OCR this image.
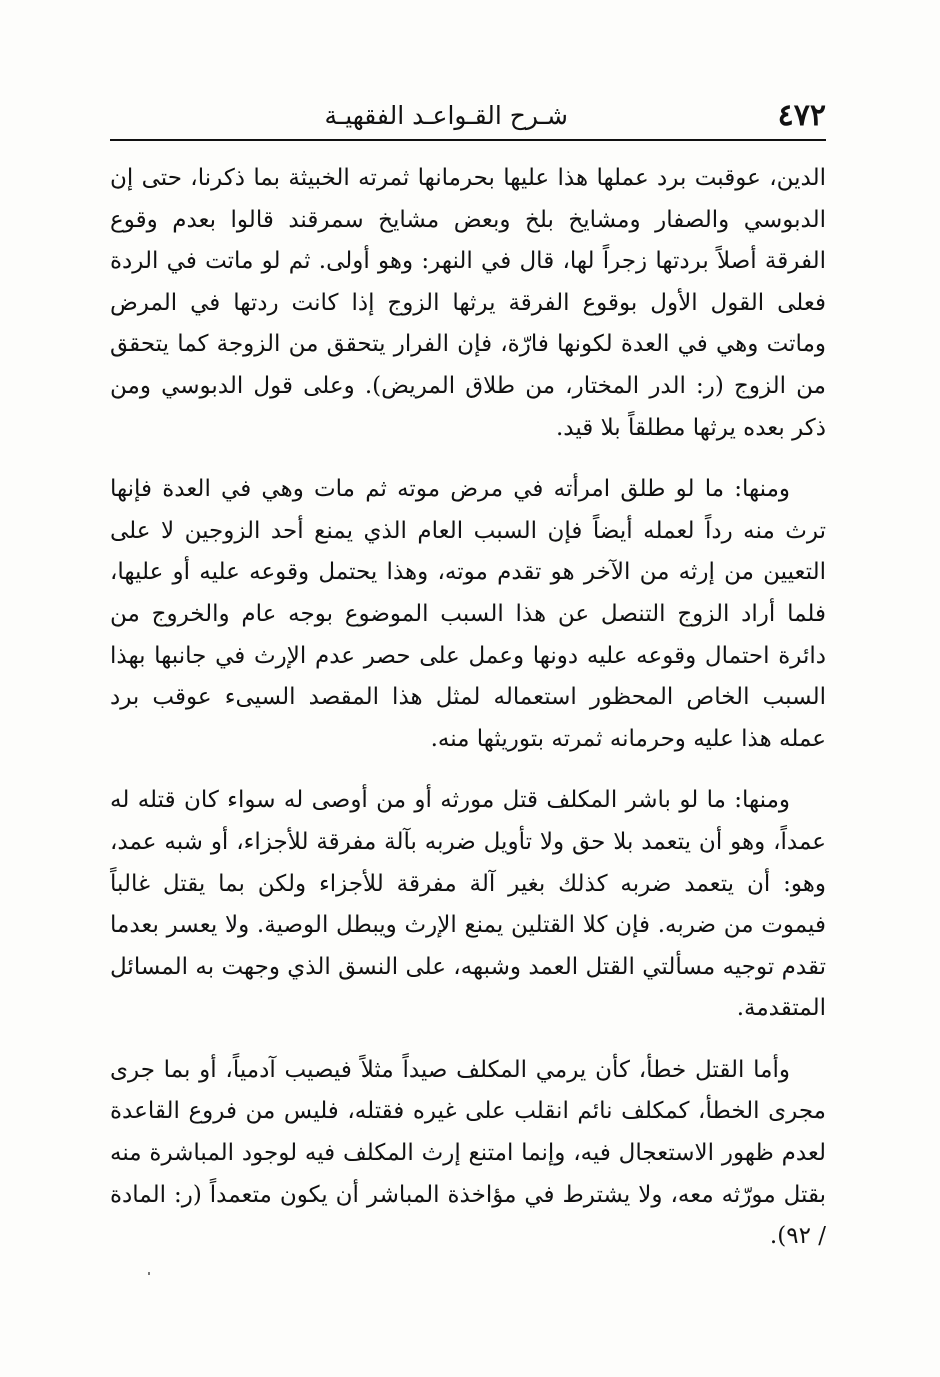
٤٧٢
شـرح القـواعـد الفقهيـة

الدين، عوقبت برد عملها هذا عليها بحرمانها ثمرته الخبيثة بما ذكرنا، حتى إن الدبوسي والصفار ومشايخ بلخ وبعض مشايخ سمرقند قالوا بعدم وقوع الفرقة أصلاً بردتها زجراً لها، قال في النهر: وهو أولى. ثم لو ماتت في الردة فعلى القول الأول بوقوع الفرقة يرثها الزوج إذا كانت ردتها في المرض وماتت وهي في العدة لكونها فارّة، فإن الفرار يتحقق من الزوجة كما يتحقق من الزوج (ر: الدر المختار، من طلاق المريض). وعلى قول الدبوسي ومن ذكر بعده يرثها مطلقاً بلا قيد.

ومنها: ما لو طلق امرأته في مرض موته ثم مات وهي في العدة فإنها ترث منه رداً لعمله أيضاً فإن السبب العام الذي يمنع أحد الزوجين لا على التعيين من إرثه من الآخر هو تقدم موته، وهذا يحتمل وقوعه عليه أو عليها، فلما أراد الزوج التنصل عن هذا السبب الموضوع بوجه عام والخروج من دائرة احتمال وقوعه عليه دونها وعمل على حصر عدم الإرث في جانبها بهذا السبب الخاص المحظور استعماله لمثل هذا المقصد السيىء عوقب برد عمله هذا عليه وحرمانه ثمرته بتوريثها منه.

ومنها: ما لو باشر المكلف قتل مورثه أو من أوصى له سواء كان قتله له عمداً، وهو أن يتعمد بلا حق ولا تأويل ضربه بآلة مفرقة للأجزاء، أو شبه عمد، وهو: أن يتعمد ضربه كذلك بغير آلة مفرقة للأجزاء ولكن بما يقتل غالباً فيموت من ضربه. فإن كلا القتلين يمنع الإرث ويبطل الوصية. ولا يعسر بعدما تقدم توجيه مسألتي القتل العمد وشبهه، على النسق الذي وجهت به المسائل المتقدمة.

وأما القتل خطأ، كأن يرمي المكلف صيداً مثلاً فيصيب آدمياً، أو بما جرى مجرى الخطأ، كمكلف نائم انقلب على غيره فقتله، فليس من فروع القاعدة لعدم ظهور الاستعجال فيه، وإنما امتنع إرث المكلف فيه لوجود المباشرة منه بقتل مورّثه معه، ولا يشترط في مؤاخذة المباشر أن يكون متعمداً (ر: المادة / ٩٢).
